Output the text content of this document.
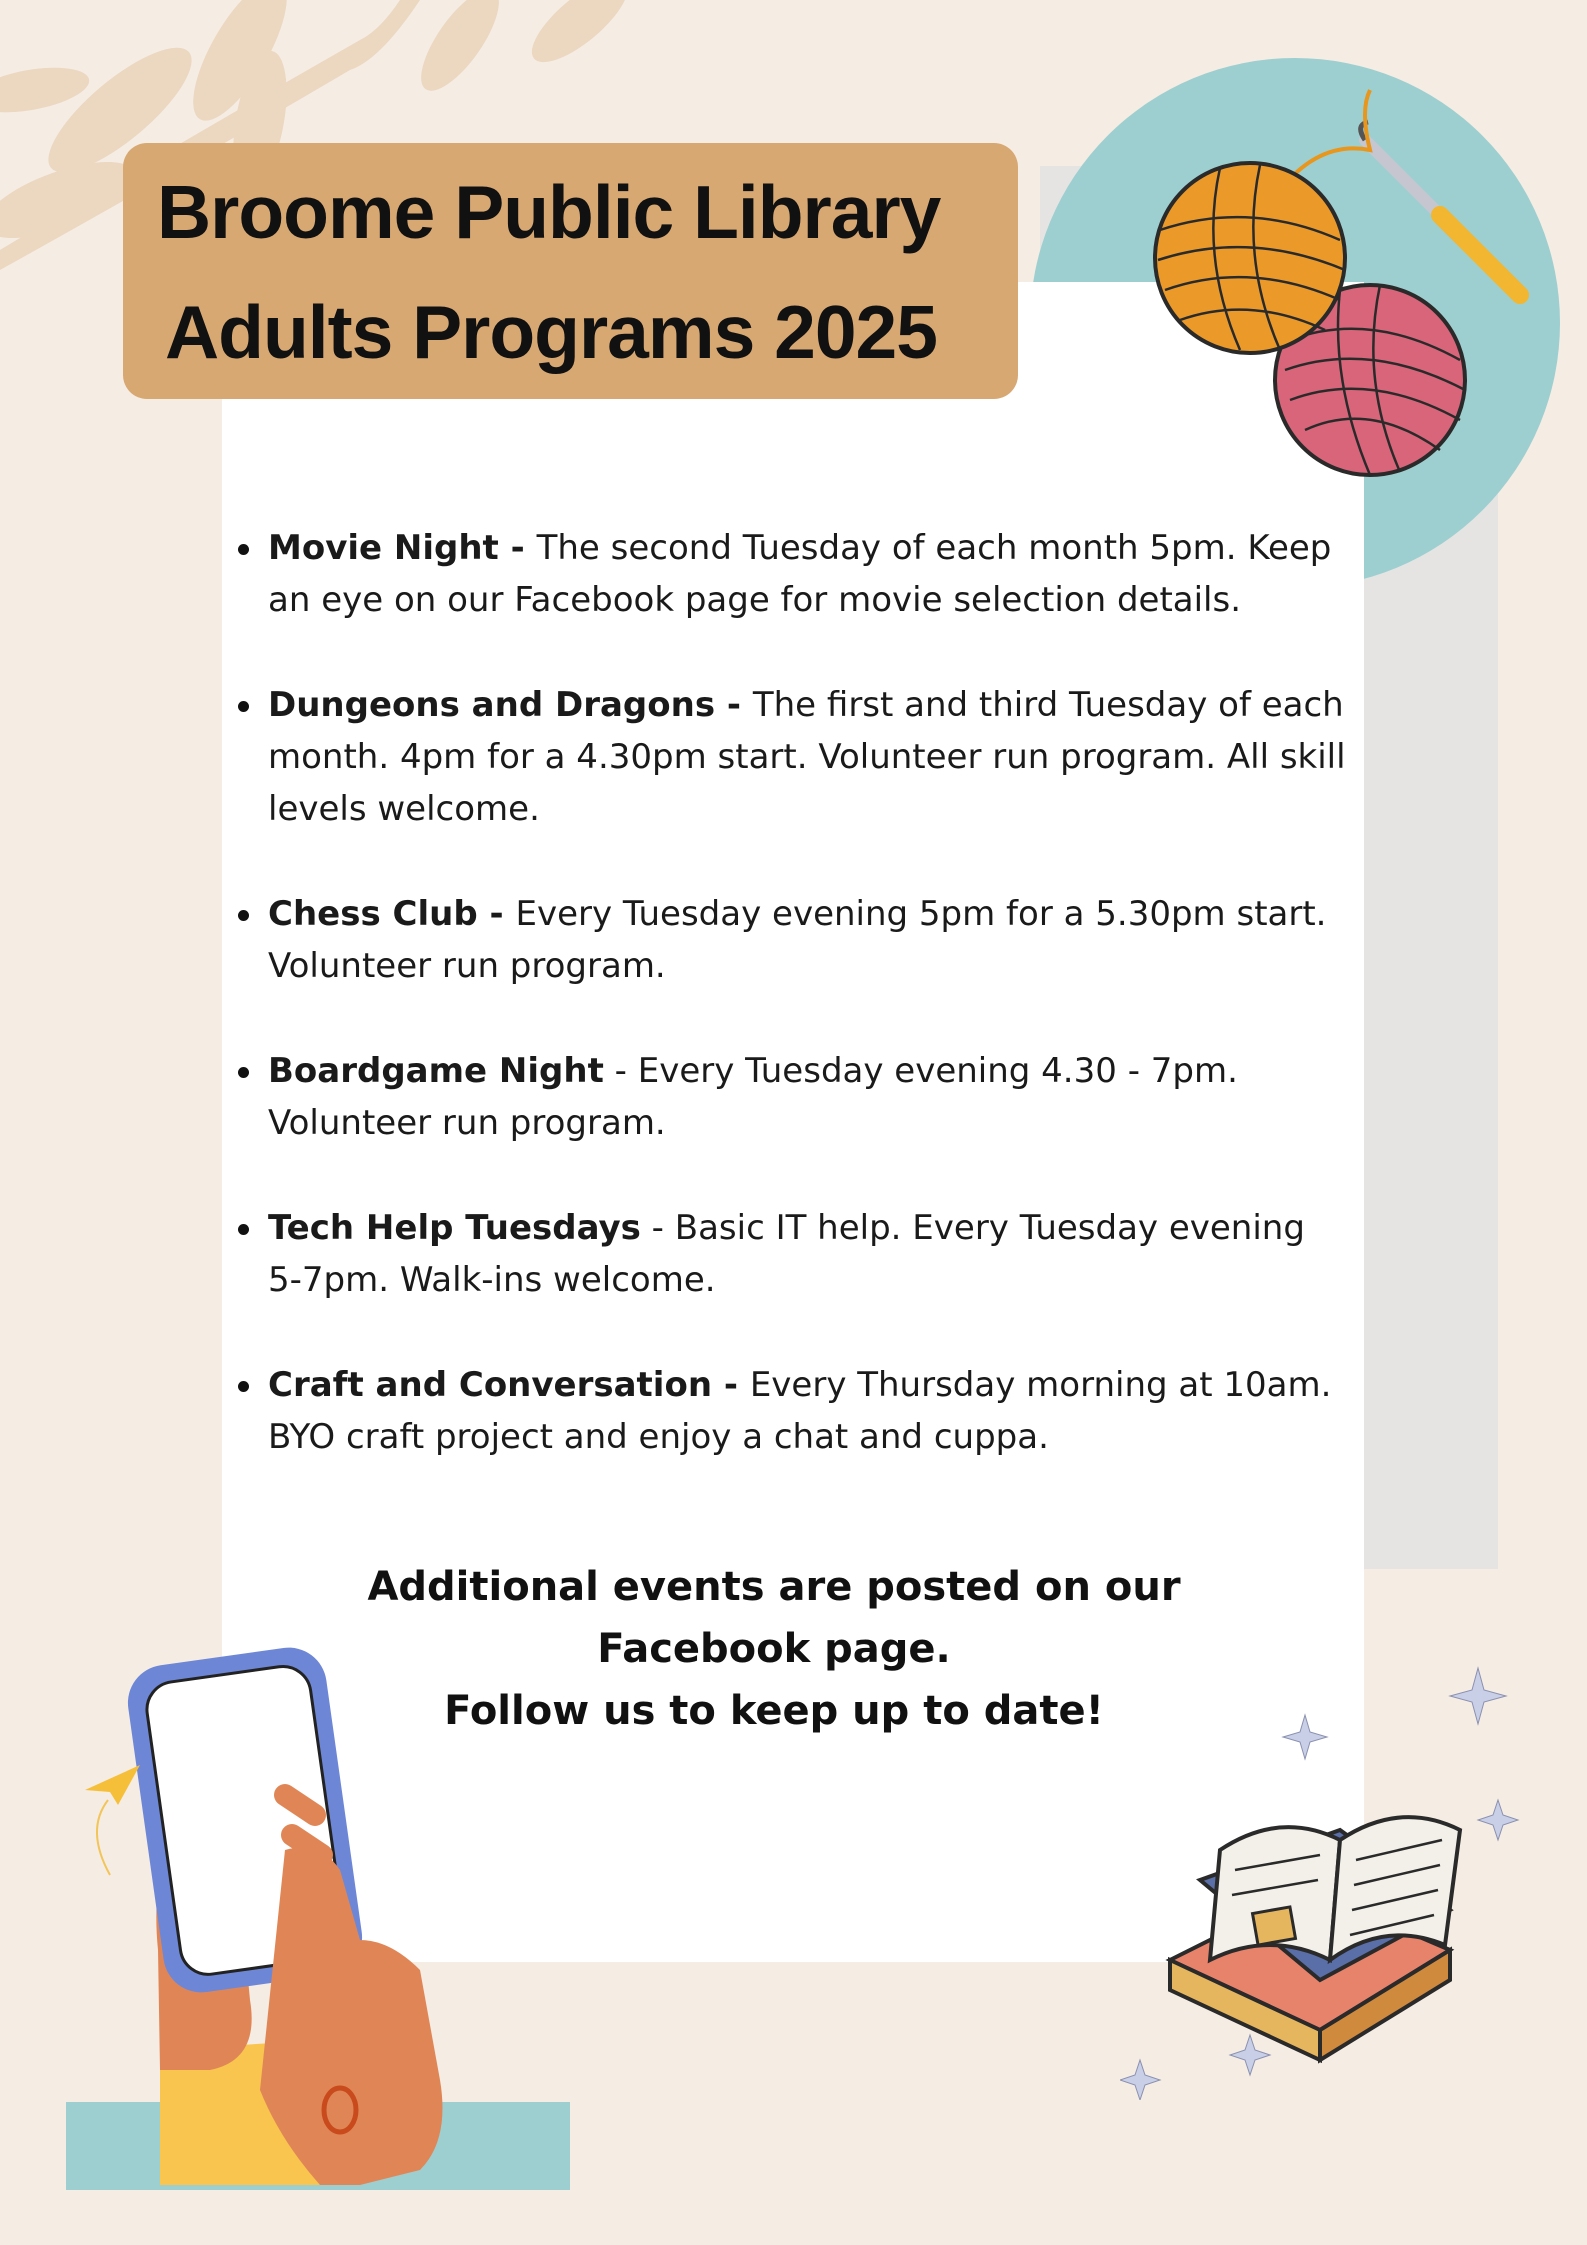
Broome Public Library
Adults Programs 2025
Movie Night - The second Tuesday of each month 5pm. Keep an eye on our Facebook page for movie selection details.
Dungeons and Dragons - The first and third Tuesday of each month. 4pm for a 4.30pm start. Volunteer run program. All skill levels welcome.
Chess Club - Every Tuesday evening 5pm for a 5.30pm start. Volunteer run program.
Boardgame Night - Every Tuesday evening 4.30 - 7pm. Volunteer run program.
Tech Help Tuesdays - Basic IT help. Every Tuesday evening 5-7pm. Walk-ins welcome.
Craft and Conversation - Every Thursday morning at 10am. BYO craft project and enjoy a chat and cuppa.
Additional events are posted on our
Facebook page.
Follow us to keep up to date!
